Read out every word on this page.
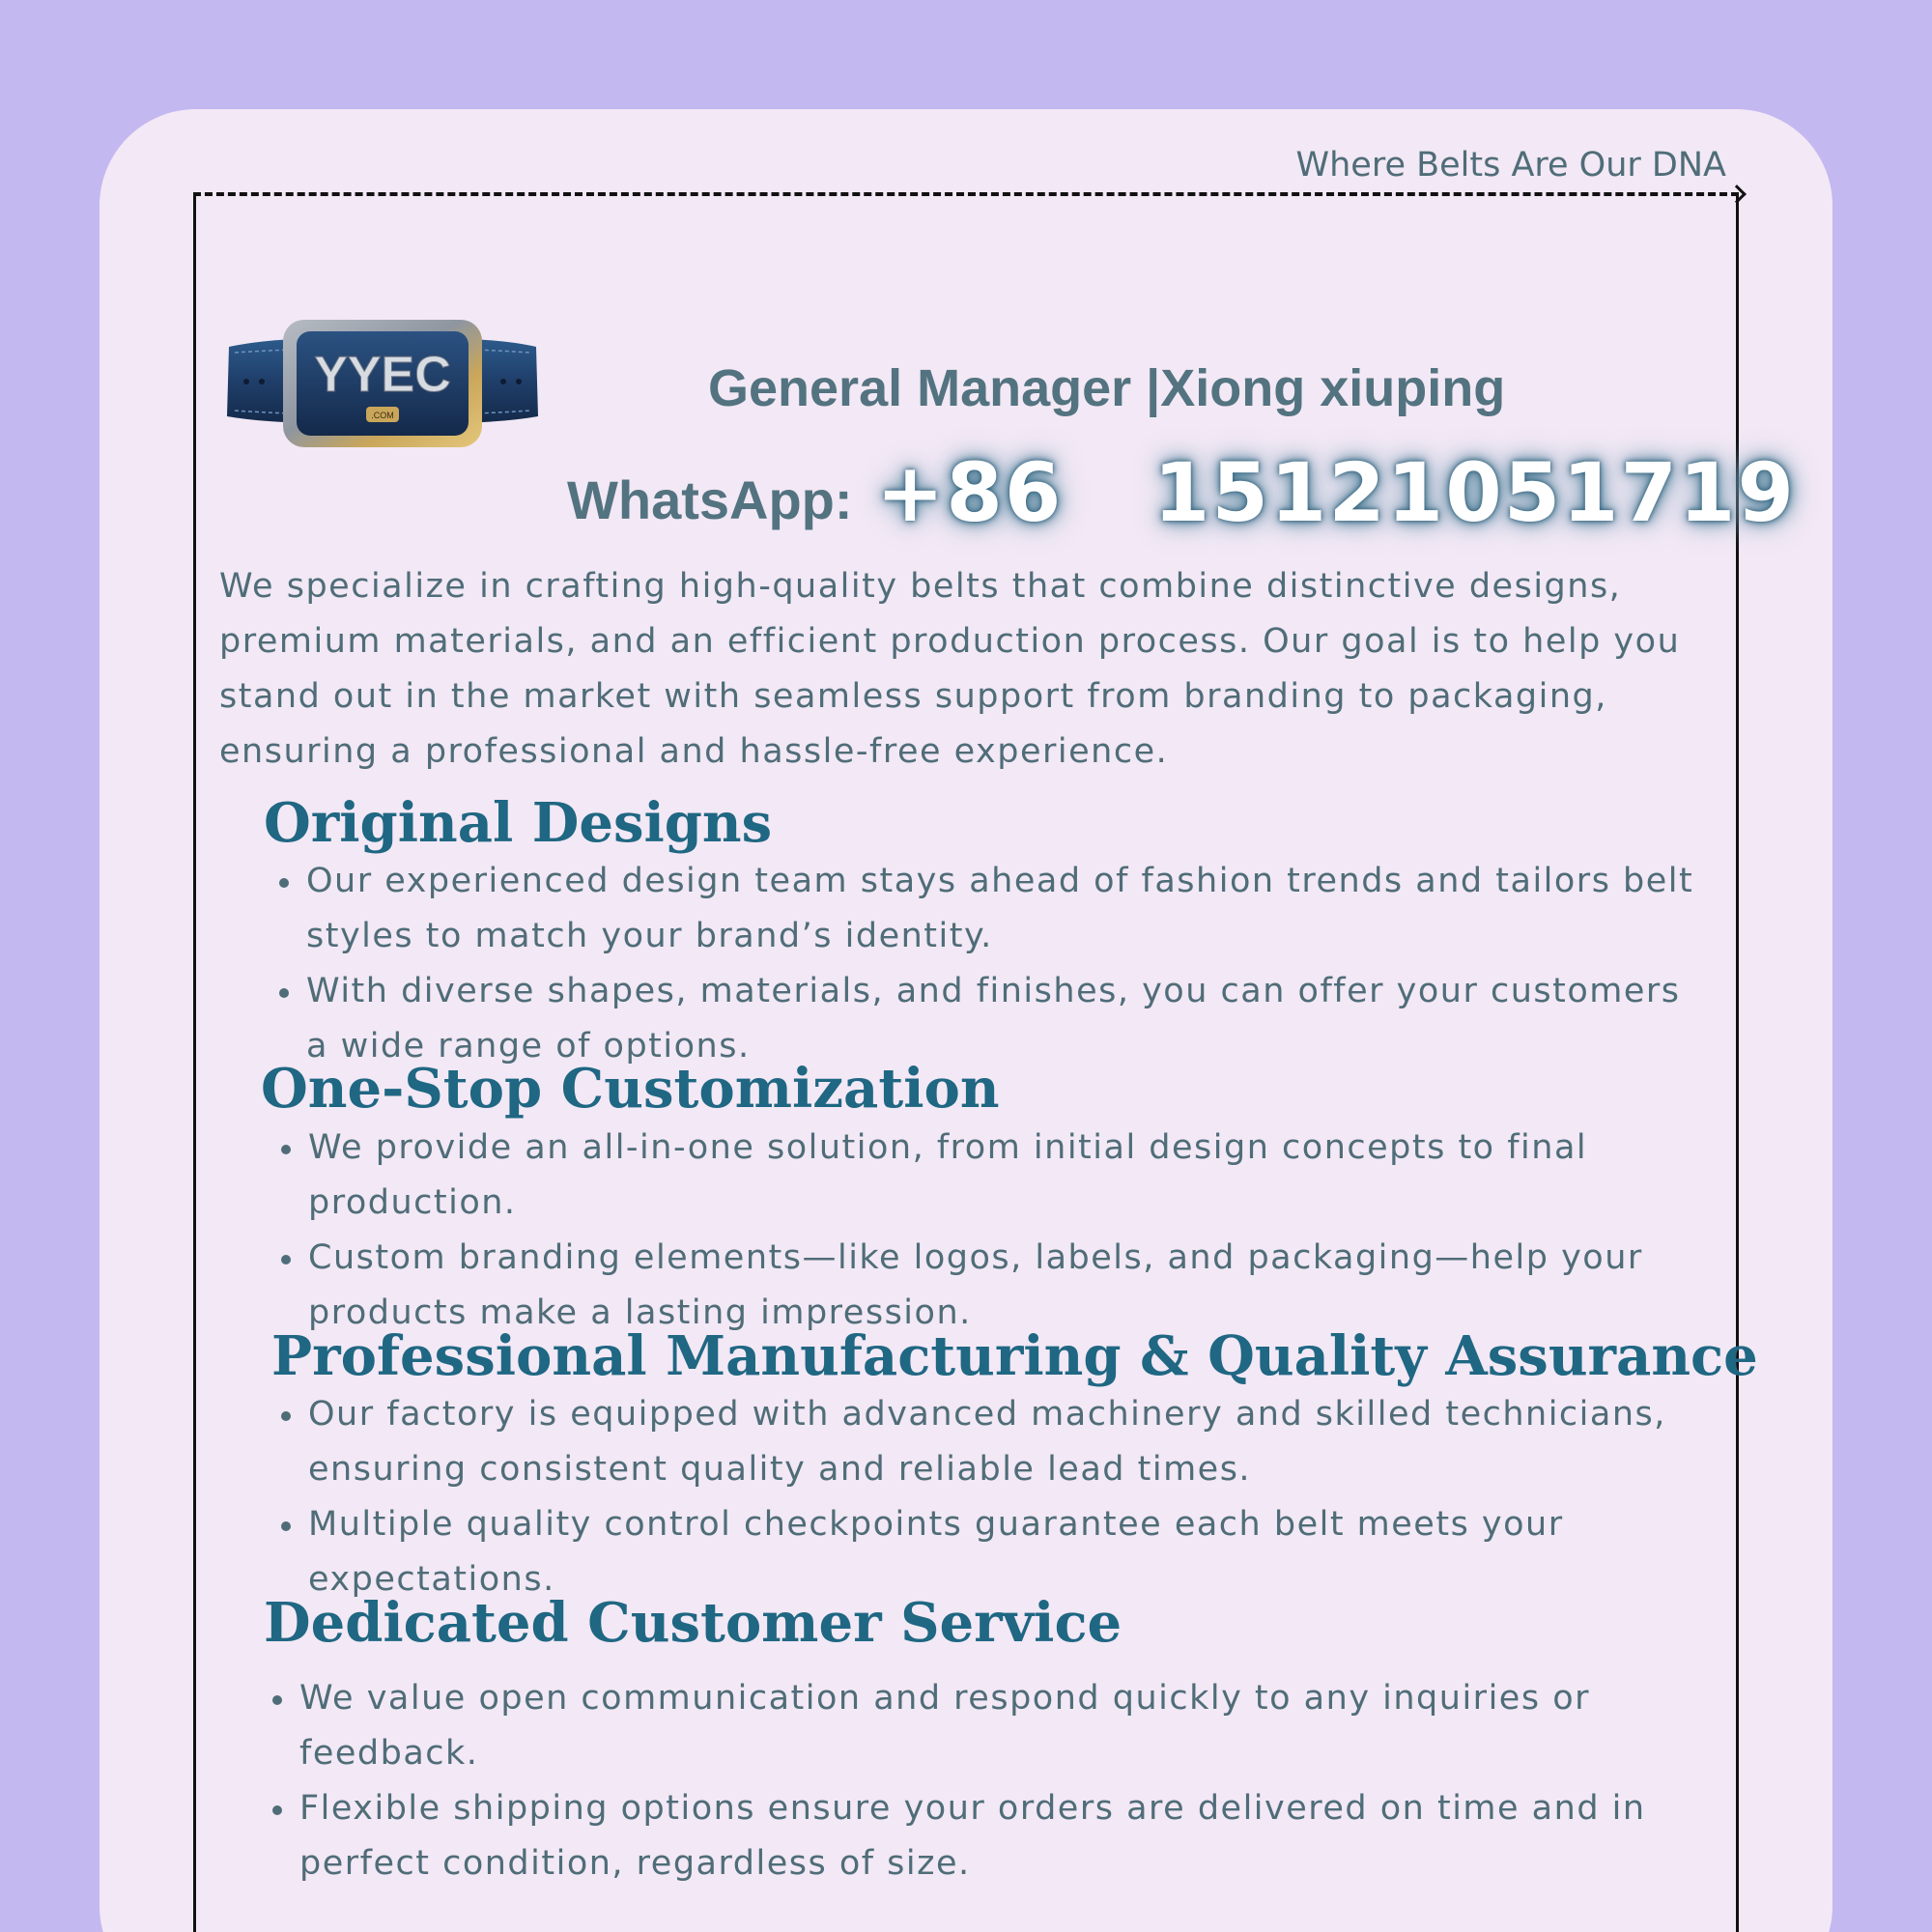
Where Belts Are Our DNA
YYEC
.COM	General Manager |Xiong xiuping
WhatsApp: +86   15121051719

We specialize in crafting high-quality belts that combine distinctive designs, premium materials, and an efficient production process. Our goal is to help you stand out in the market with seamless support from branding to packaging, ensuring a professional and hassle-free experience.

Original Designs
Our experienced design team stays ahead of fashion trends and tailors belt styles to match your brand’s identity.
With diverse shapes, materials, and finishes, you can offer your customers a wide range of options.
One-Stop Customization
We provide an all-in-one solution, from initial design concepts to final production.
Custom branding elements—like logos, labels, and packaging—help your products make a lasting impression.
Professional Manufacturing & Quality Assurance
Our factory is equipped with advanced machinery and skilled technicians, ensuring consistent quality and reliable lead times.
Multiple quality control checkpoints guarantee each belt meets your expectations.
Dedicated Customer Service
We value open communication and respond quickly to any inquiries or feedback.
Flexible shipping options ensure your orders are delivered on time and in perfect condition, regardless of size.
